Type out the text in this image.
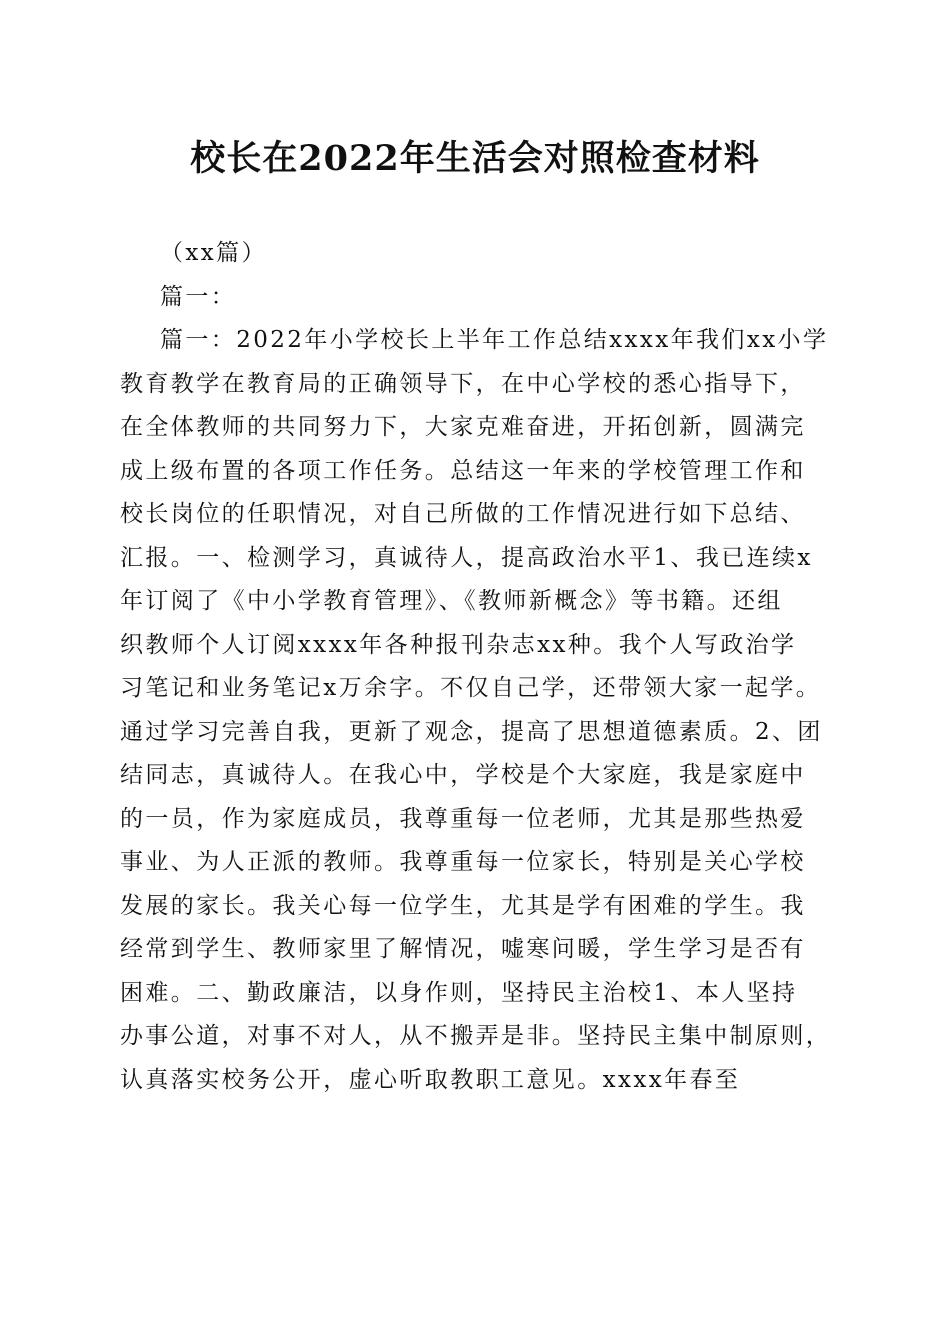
校长在2022年生活会对照检查材料
（xx篇）
篇一：
篇一：2022年小学校长上半年工作总结xxxx年我们xx小学
教育教学在教育局的正确领导下，在中心学校的悉心指导下，
在全体教师的共同努力下，大家克难奋进，开拓创新，圆满完
成上级布置的各项工作任务。总结这一年来的学校管理工作和
校长岗位的任职情况，对自己所做的工作情况进行如下总结、
汇报。一、检测学习，真诚待人，提高政治水平1、我已连续x
年订阅了《中小学教育管理》、《教师新概念》等书籍。还组
织教师个人订阅xxxx年各种报刊杂志xx种。我个人写政治学
习笔记和业务笔记x万余字。不仅自己学，还带领大家一起学。
通过学习完善自我，更新了观念，提高了思想道德素质。2、团
结同志，真诚待人。在我心中，学校是个大家庭，我是家庭中
的一员，作为家庭成员，我尊重每一位老师，尤其是那些热爱
事业、为人正派的教师。我尊重每一位家长，特别是关心学校
发展的家长。我关心每一位学生，尤其是学有困难的学生。我
经常到学生、教师家里了解情况，嘘寒问暖，学生学习是否有
困难。二、勤政廉洁，以身作则，坚持民主治校1、本人坚持
办事公道，对事不对人，从不搬弄是非。坚持民主集中制原则，
认真落实校务公开，虚心听取教职工意见。xxxx年春至
